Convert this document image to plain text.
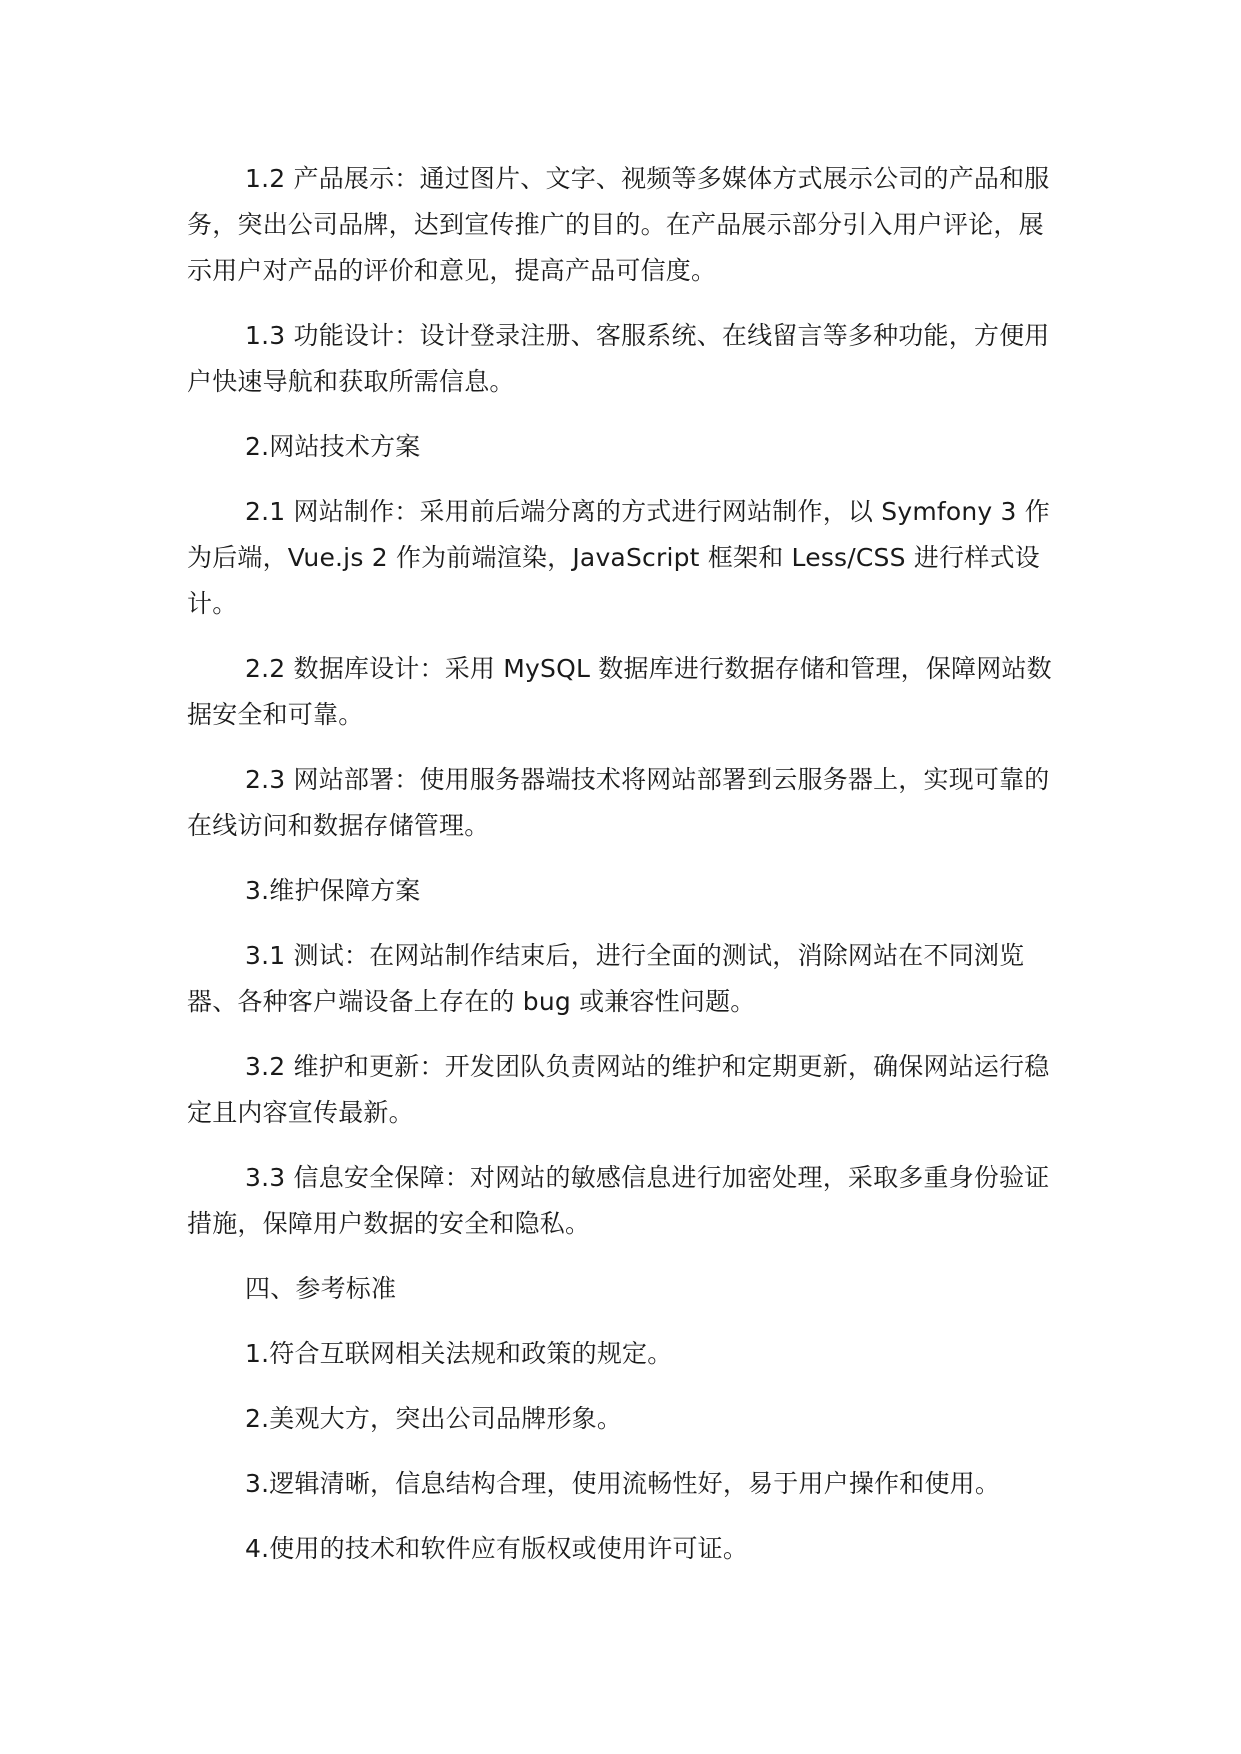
1.2 产品展示：通过图片、文字、视频等多媒体方式展示公司的产品和服务，突出公司品牌，达到宣传推广的目的。在产品展示部分引入用户评论，展示用户对产品的评价和意见，提高产品可信度。

1.3 功能设计：设计登录注册、客服系统、在线留言等多种功能，方便用户快速导航和获取所需信息。

2.网站技术方案

2.1 网站制作：采用前后端分离的方式进行网站制作，以 Symfony 3 作为后端，Vue.js 2 作为前端渲染，JavaScript 框架和 Less/CSS 进行样式设计。

2.2 数据库设计：采用 MySQL 数据库进行数据存储和管理，保障网站数据安全和可靠。

2.3 网站部署：使用服务器端技术将网站部署到云服务器上，实现可靠的在线访问和数据存储管理。

3.维护保障方案

3.1 测试：在网站制作结束后，进行全面的测试，消除网站在不同浏览器、各种客户端设备上存在的 bug 或兼容性问题。

3.2 维护和更新：开发团队负责网站的维护和定期更新，确保网站运行稳定且内容宣传最新。

3.3 信息安全保障：对网站的敏感信息进行加密处理，采取多重身份验证措施，保障用户数据的安全和隐私。

四、参考标准

1.符合互联网相关法规和政策的规定。

2.美观大方，突出公司品牌形象。

3.逻辑清晰，信息结构合理，使用流畅性好，易于用户操作和使用。

4.使用的技术和软件应有版权或使用许可证。
